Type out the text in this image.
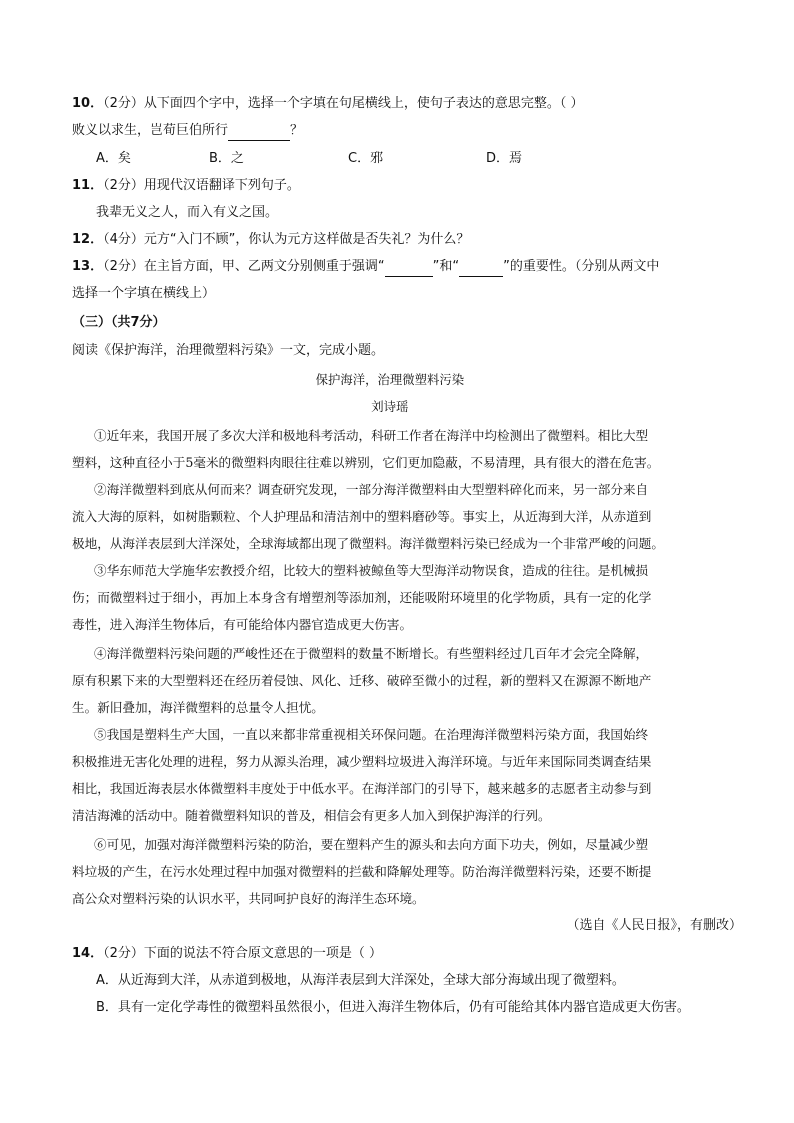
10．（2分）从下面四个字中，选择一个字填在句尾横线上，使句子表达的意思完整。（ ）
败义以求生，岂荀巨伯所行	？
A．矣	B．之	C．邪	D．焉
11．（2分）用现代汉语翻译下列句子。
我辈无义之人，而入有义之国。
12．（4分）元方“入门不顾”，你认为元方这样做是否失礼？为什么？
13．（2分）在主旨方面，甲、乙两文分别侧重于强调“	”和“	”的重要性。（分别从两文中
选择一个字填在横线上）
（三）（共7分）
阅读《保护海洋，治理微塑料污染》一文，完成小题。
保护海洋，治理微塑料污染
刘诗瑶
①近年来，我国开展了多次大洋和极地科考活动，科研工作者在海洋中均检测出了微塑料。相比大型
塑料，这种直径小于5毫米的微塑料肉眼往往难以辨别，它们更加隐蔽，不易清理，具有很大的潜在危害。
②海洋微塑料到底从何而来？调查研究发现，一部分海洋微塑料由大型塑料碎化而来，另一部分来自
流入大海的原料，如树脂颗粒、个人护理品和清洁剂中的塑料磨砂等。事实上，从近海到大洋，从赤道到
极地，从海洋表层到大洋深处，全球海域都出现了微塑料。海洋微塑料污染已经成为一个非常严峻的问题。
③华东师范大学施华宏教授介绍，比较大的塑料被鲸鱼等大型海洋动物误食，造成的往往。是机械损
伤；而微塑料过于细小，再加上本身含有增塑剂等添加剂，还能吸附环境里的化学物质，具有一定的化学
毒性，进入海洋生物体后，有可能给体内器官造成更大伤害。
④海洋微塑料污染问题的严峻性还在于微塑料的数量不断增长。有些塑料经过几百年才会完全降解，
原有积累下来的大型塑料还在经历着侵蚀、风化、迁移、破碎至微小的过程，新的塑料又在源源不断地产
生。新旧叠加，海洋微塑料的总量令人担忧。
⑤我国是塑料生产大国，一直以来都非常重视相关环保问题。在治理海洋微塑料污染方面，我国始终
积极推进无害化处理的进程，努力从源头治理，减少塑料垃圾进入海洋环境。与近年来国际同类调查结果
相比，我国近海表层水体微塑料丰度处于中低水平。在海洋部门的引导下，越来越多的志愿者主动参与到
清洁海滩的活动中。随着微塑料知识的普及，相信会有更多人加入到保护海洋的行列。
⑥可见，加强对海洋微塑料污染的防治，要在塑料产生的源头和去向方面下功夫，例如，尽量减少塑
料垃圾的产生，在污水处理过程中加强对微塑料的拦截和降解处理等。防治海洋微塑料污染，还要不断提
高公众对塑料污染的认识水平，共同呵护良好的海洋生态环境。
（选自《人民日报》，有删改）
14．（2分）下面的说法不符合原文意思的一项是（ ）
A．从近海到大洋，从赤道到极地，从海洋表层到大洋深处，全球大部分海域出现了微塑料。
B．具有一定化学毒性的微塑料虽然很小，但进入海洋生物体后，仍有可能给其体内器官造成更大伤害。
